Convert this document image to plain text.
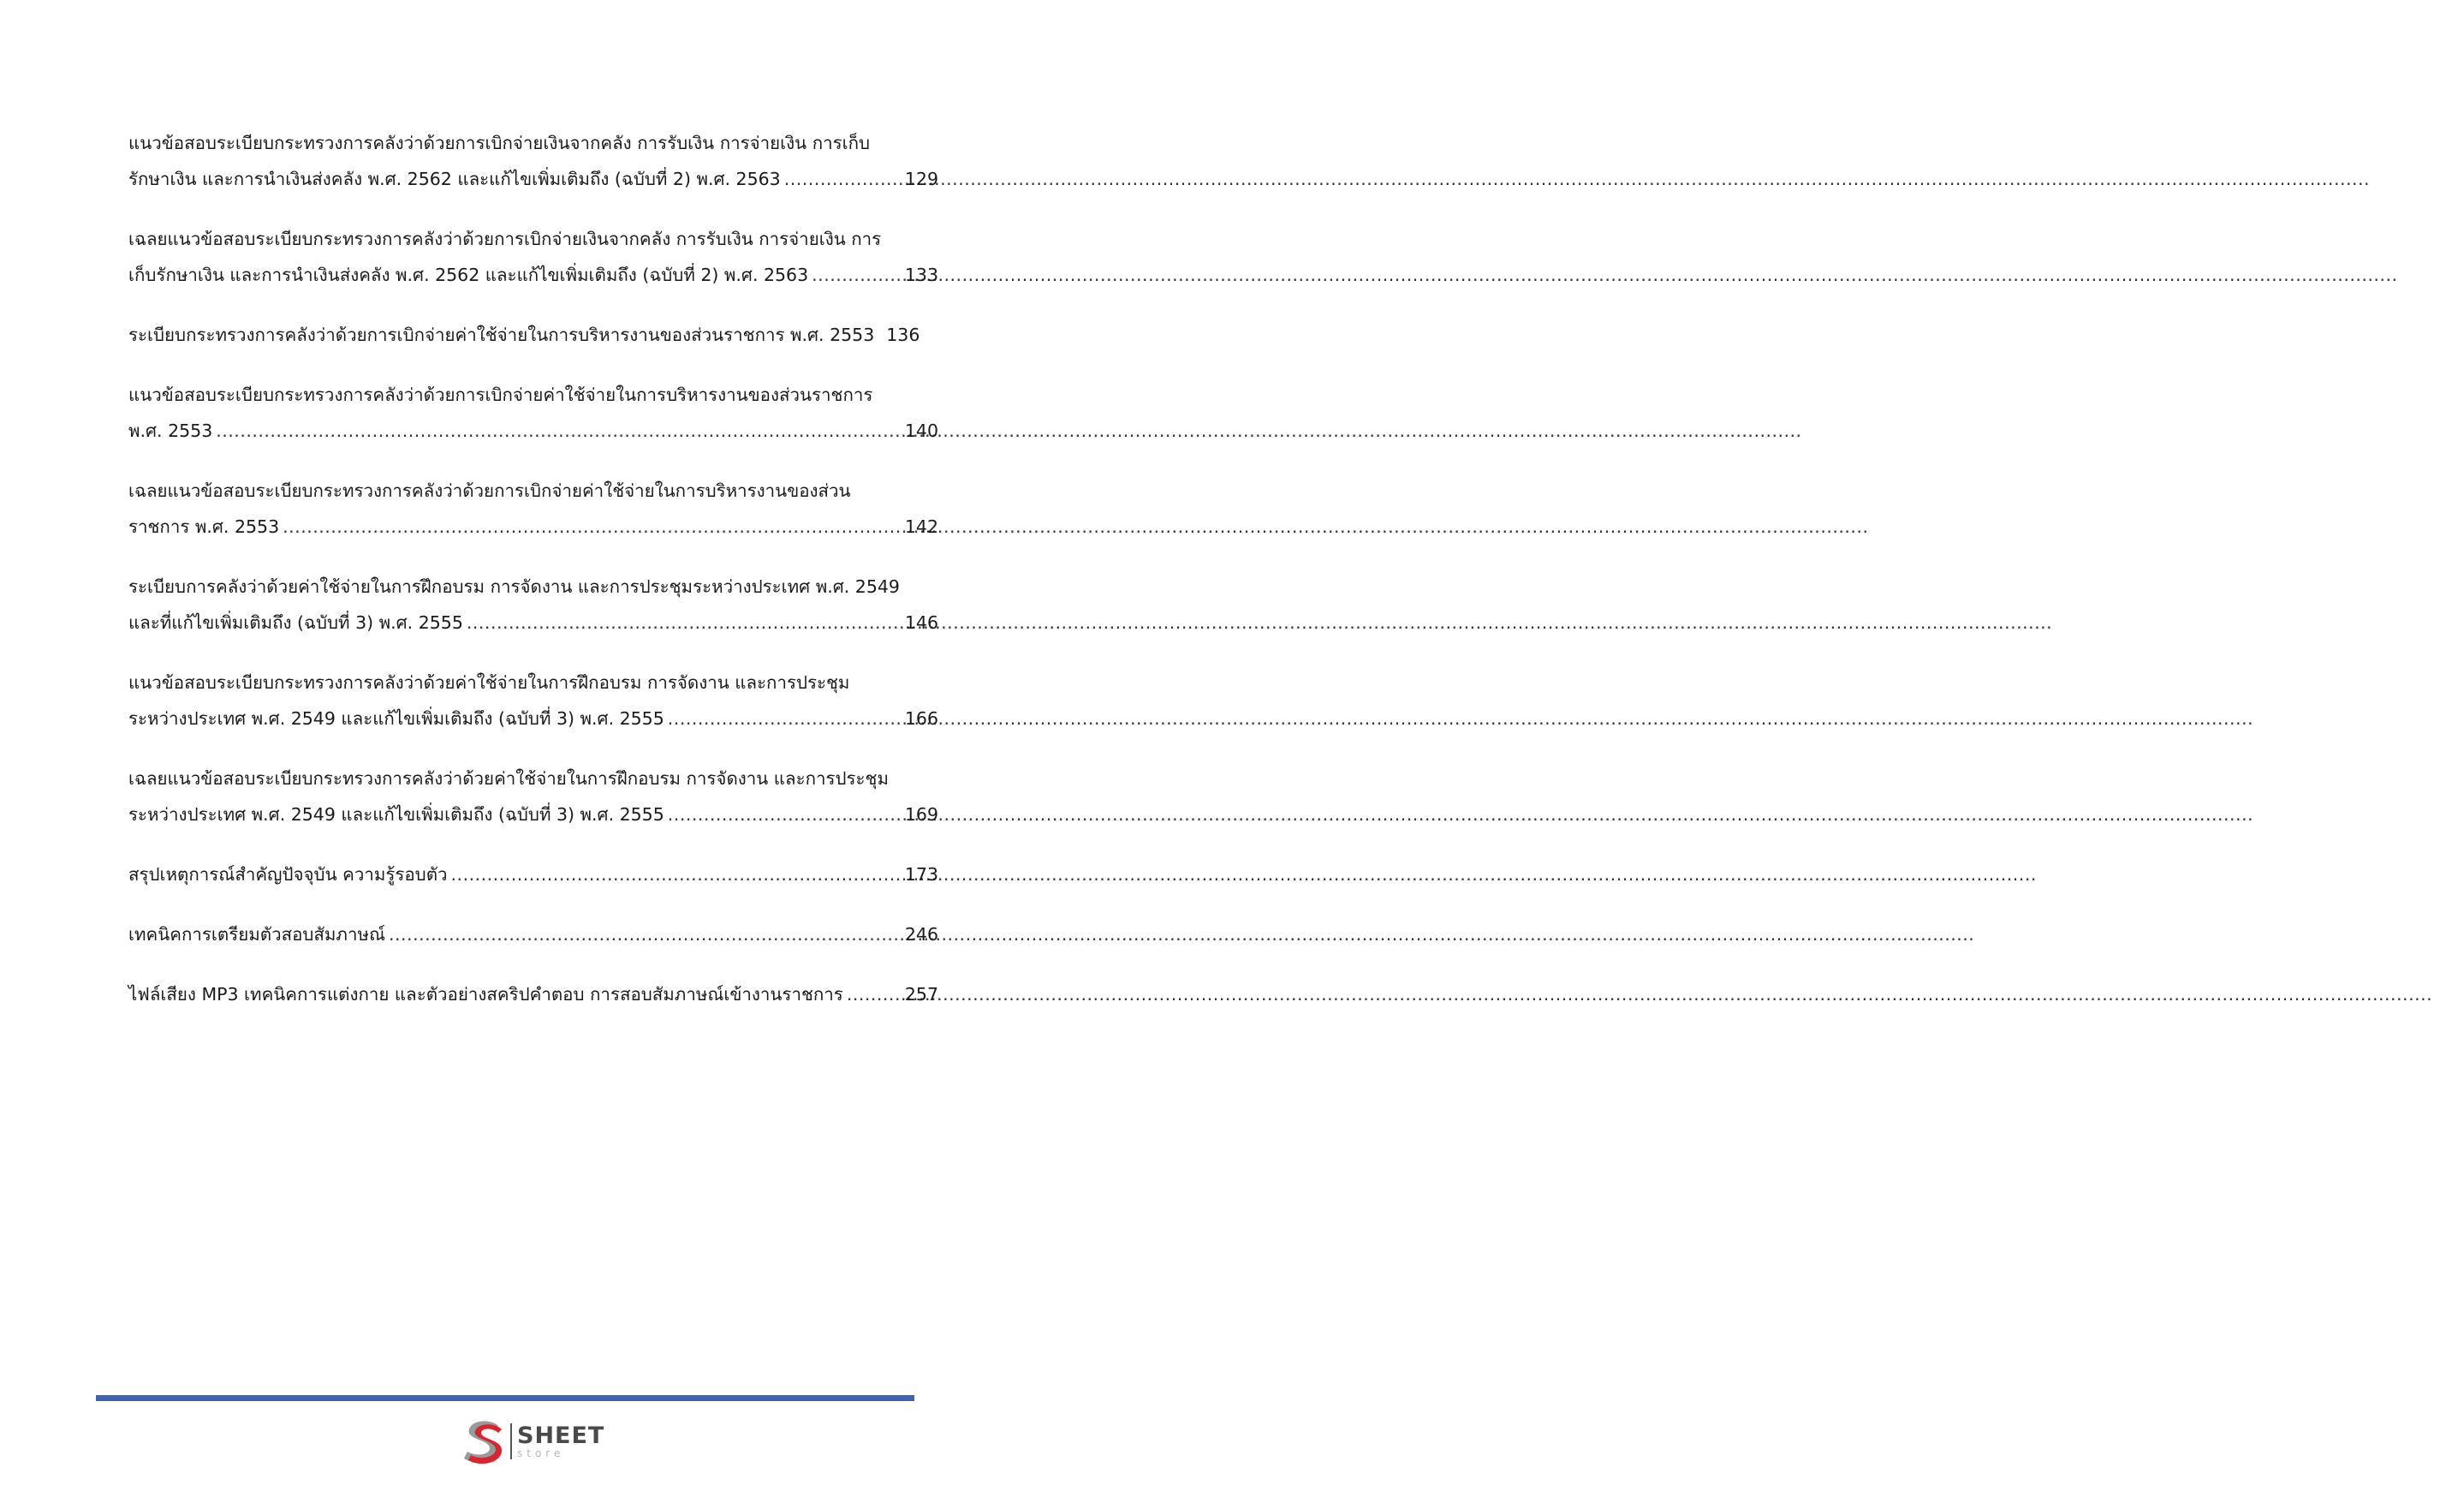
แนวข้อสอบระเบียบกระทรวงการคลังว่าด้วยการเบิกจ่ายเงินจากคลัง การรับเงิน การจ่ายเงิน การเก็บ
รักษาเงิน และการนำเงินส่งคลัง พ.ศ. 2562 และแก้ไขเพิ่มเติมถึง (ฉบับที่ 2) พ.ศ. 2563 .....	129
เฉลยแนวข้อสอบระเบียบกระทรวงการคลังว่าด้วยการเบิกจ่ายเงินจากคลัง การรับเงิน การจ่ายเงิน การ
เก็บรักษาเงิน และการนำเงินส่งคลัง พ.ศ. 2562 และแก้ไขเพิ่มเติมถึง (ฉบับที่ 2) พ.ศ. 2563 .....	133
ระเบียบกระทรวงการคลังว่าด้วยการเบิกจ่ายค่าใช้จ่ายในการบริหารงานของส่วนราชการ พ.ศ. 2553 136
แนวข้อสอบระเบียบกระทรวงการคลังว่าด้วยการเบิกจ่ายค่าใช้จ่ายในการบริหารงานของส่วนราชการ
พ.ศ. 2553 .....	140
เฉลยแนวข้อสอบระเบียบกระทรวงการคลังว่าด้วยการเบิกจ่ายค่าใช้จ่ายในการบริหารงานของส่วน
ราชการ พ.ศ. 2553 .....	142
ระเบียบการคลังว่าด้วยค่าใช้จ่ายในการฝึกอบรม การจัดงาน และการประชุมระหว่างประเทศ พ.ศ. 2549
และที่แก้ไขเพิ่มเติมถึง (ฉบับที่ 3) พ.ศ. 2555 .....	146
แนวข้อสอบระเบียบกระทรวงการคลังว่าด้วยค่าใช้จ่ายในการฝึกอบรม การจัดงาน และการประชุม
ระหว่างประเทศ พ.ศ. 2549 และแก้ไขเพิ่มเติมถึง (ฉบับที่ 3) พ.ศ. 2555 .....	166
เฉลยแนวข้อสอบระเบียบกระทรวงการคลังว่าด้วยค่าใช้จ่ายในการฝึกอบรม การจัดงาน และการประชุม
ระหว่างประเทศ พ.ศ. 2549 และแก้ไขเพิ่มเติมถึง (ฉบับที่ 3) พ.ศ. 2555 .....	169
สรุปเหตุการณ์สำคัญปัจจุบัน ความรู้รอบตัว .....	173
เทคนิคการเตรียมตัวสอบสัมภาษณ์ .....	246
ไฟล์เสียง MP3 เทคนิคการแต่งกาย และตัวอย่างสคริปคำตอบ การสอบสัมภาษณ์เข้างานราชการ .....	257
SHEET
store
